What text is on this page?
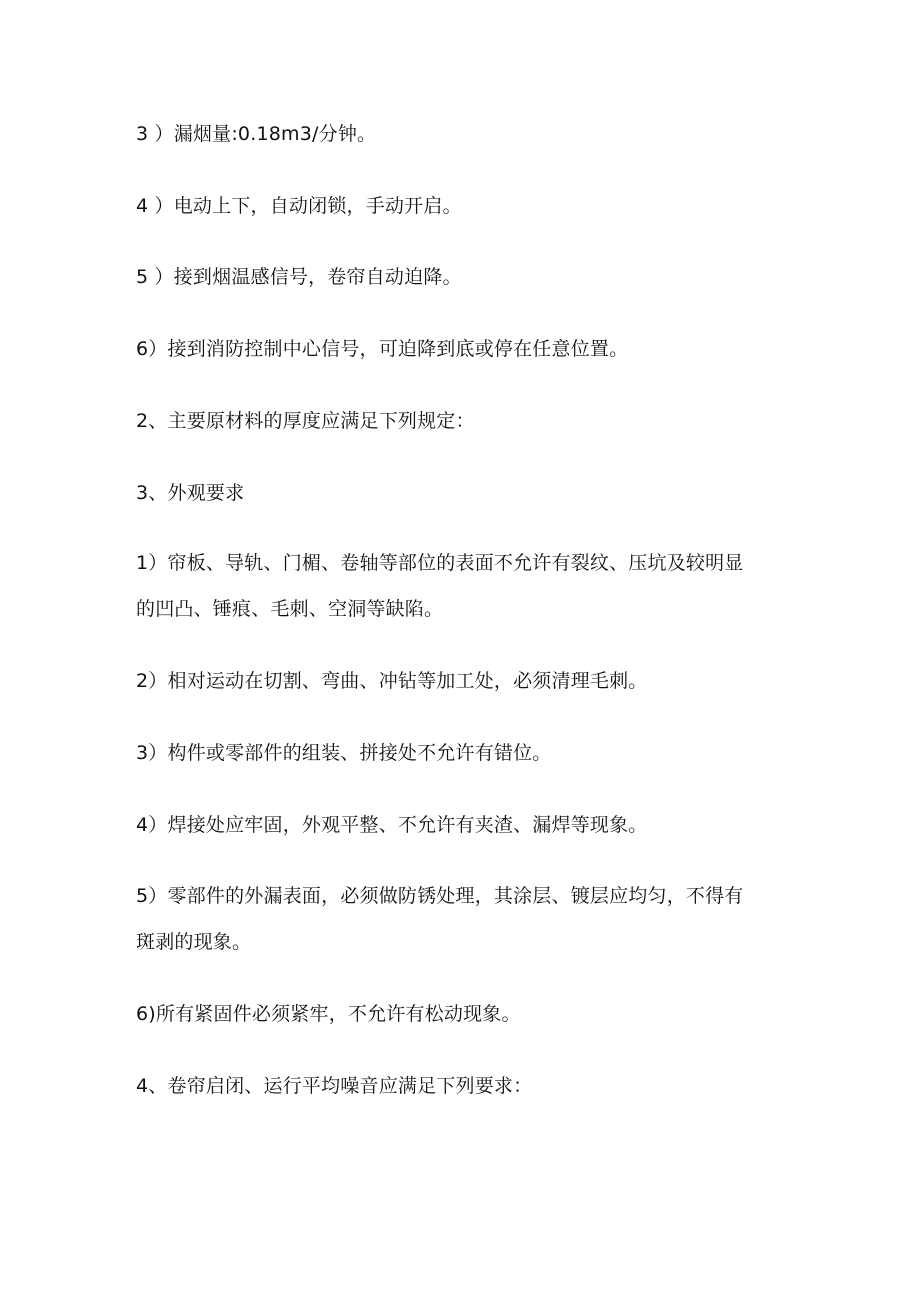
3 ）漏烟量:0.18m3/分钟。
4 ）电动上下，自动闭锁，手动开启。
5 ）接到烟温感信号，卷帘自动迫降。
6）接到消防控制中心信号，可迫降到底或停在任意位置。
2、主要原材料的厚度应满足下列规定：
3、外观要求
1）帘板、导轨、门楣、卷轴等部位的表面不允许有裂纹、压坑及较明显
的凹凸、锤痕、毛刺、空洞等缺陷。
2）相对运动在切割、弯曲、冲钻等加工处，必须清理毛刺。
3）构件或零部件的组装、拼接处不允许有错位。
4）焊接处应牢固，外观平整、不允许有夹渣、漏焊等现象。
5）零部件的外漏表面，必须做防锈处理，其涂层、镀层应均匀，不得有
斑剥的现象。
6)所有紧固件必须紧牢，不允许有松动现象。
4、卷帘启闭、运行平均噪音应满足下列要求：
